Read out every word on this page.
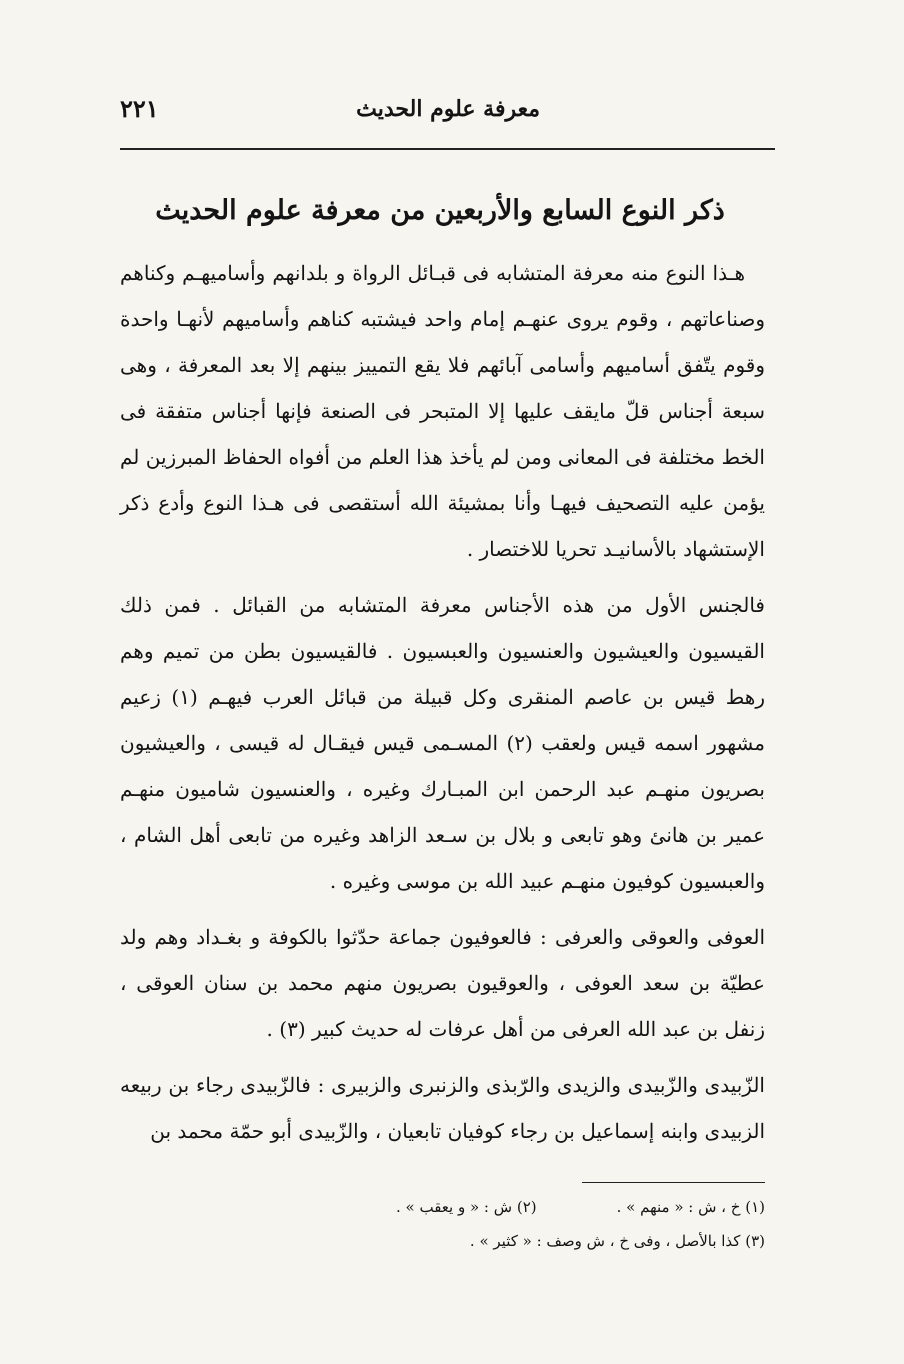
معرفة علوم الحديث
٢٢١
ذكر النوع السابع والأربعين من معرفة علوم الحديث

هـذا النوع منه معرفة المتشابه فى قبـائل الرواة و بلدانهم وأساميهـم وكناهم وصناعاتهم ، وقوم يروى عنهـم إمام واحد فيشتبه كناهم وأساميهم لأنهـا واحدة وقوم يتّفق أساميهم وأسامى آبائهم فلا يقع التمييز بينهم إلا بعد المعرفة ، وهى سبعة أجناس قلّ مايقف عليها إلا المتبحر فى الصنعة فإنها أجناس متفقة فى الخط مختلفة فى المعانى ومن لم يأخذ هذا العلم من أفواه الحفاظ المبرزين لم يؤمن عليه التصحيف فيهـا وأنا بمشيئة الله أستقصى فى هـذا النوع وأدع ذكر الإستشهاد بالأسانيـد تحريا للاختصار .

فالجنس الأول من هذه الأجناس معرفة المتشابه من القبائل . فمن ذلك القيسيون والعيشيون والعنسيون والعبسيون . فالقيسيون بطن من تميم وهم رهط قيس بن عاصم المنقرى وكل قبيلة من قبائل العرب فيهـم (١) زعيم مشهور اسمه قيس ولعقب (٢) المسـمى قيس فيقـال له قيسى ، والعيشيون بصريون منهـم عبد الرحمن ابن المبـارك وغيره ، والعنسيون شاميون منهـم عمير بن هانئ وهو تابعى و بلال بن سـعد الزاهد وغيره من تابعى أهل الشام ، والعبسيون كوفيون منهـم عبيد الله بن موسى وغيره .

العوفى والعوقى والعرفى : فالعوفيون جماعة حدّثوا بالكوفة و بغـداد وهم ولد عطيّة بن سعد العوفى ، والعوقيون بصريون منهم محمد بن سنان العوقى ، زنفل بن عبد الله العرفى من أهل عرفات له حديث كبير (٣) .

الزّبيدى والزّبيدى والزيدى والرّبذى والزنبرى والزبيرى : فالزّبيدى رجاء بن ربيعه الزبيدى وابنه إسماعيل بن رجاء كوفيان تابعيان ، والزّبيدى أبو حمّة محمد بن

(١) خ ، ش : « منهم » .
(٢) ش : « و يعقب » .
(٣) كذا بالأصل ، وفى خ ، ش وصف : « كثير » .
